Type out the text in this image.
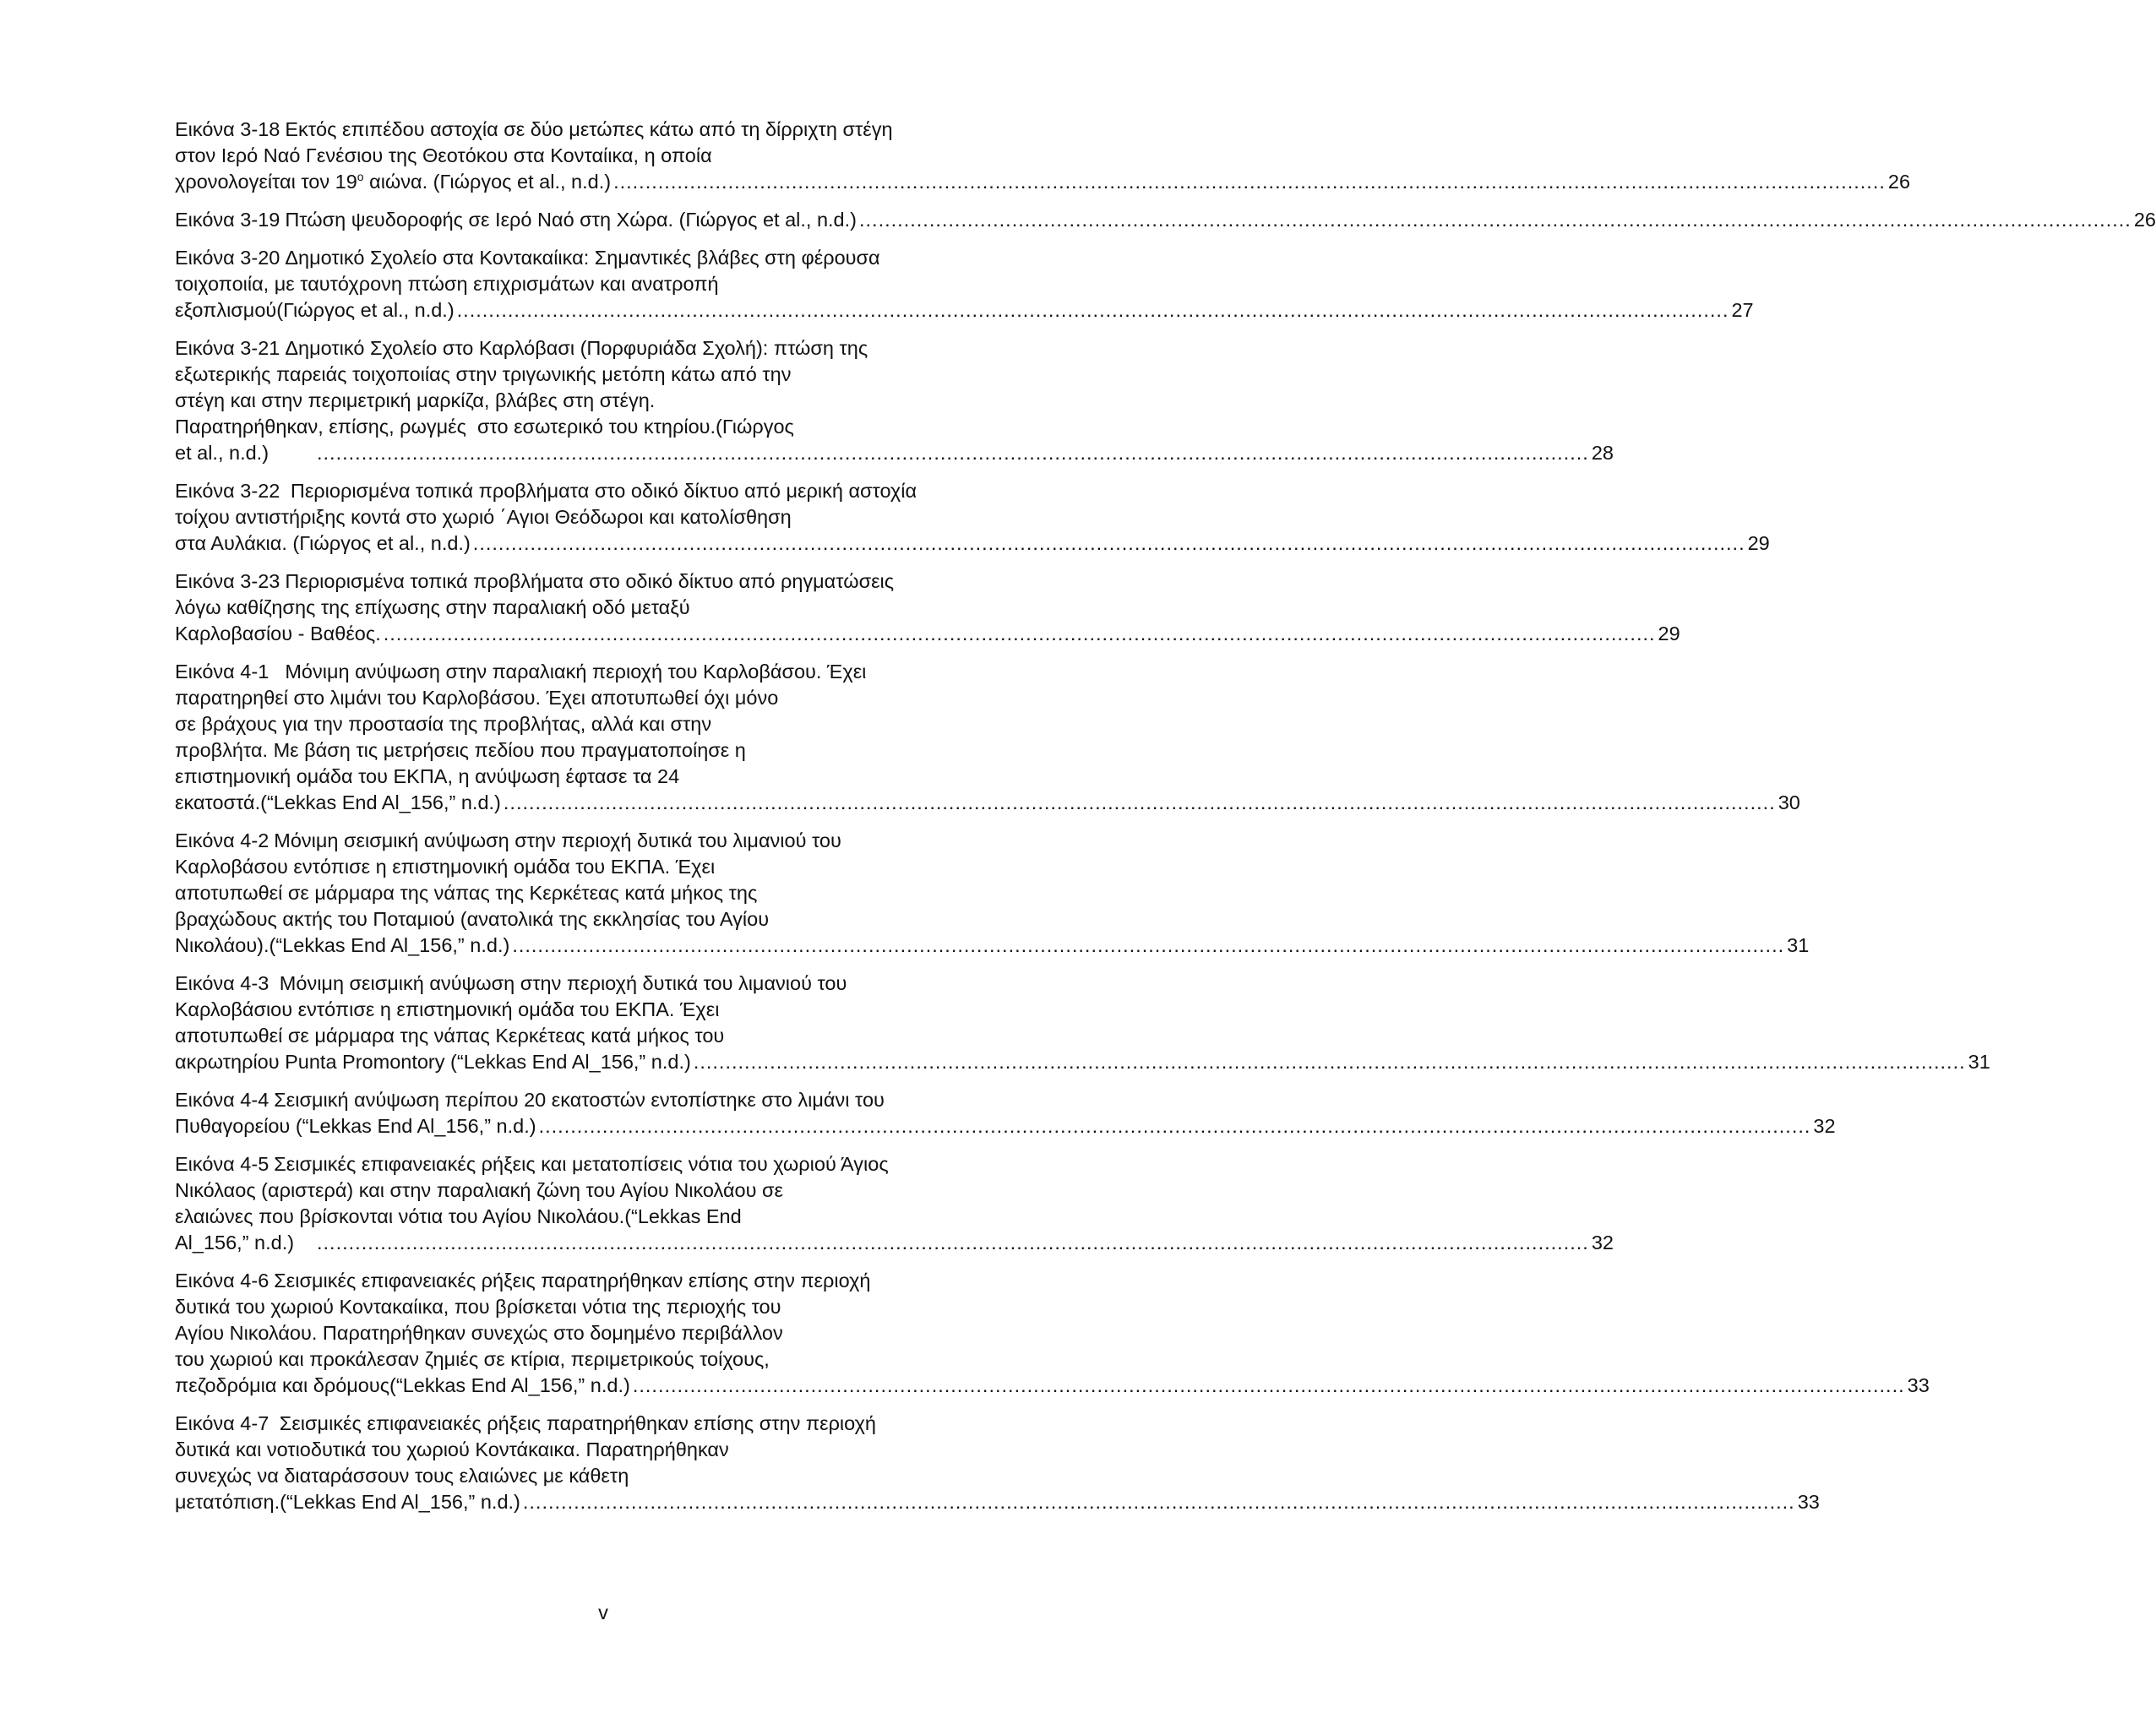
Εικόνα 3-18 Εκτός επιπέδου αστοχία σε δύο μετώπες κάτω από τη δίρριχτη στέγη
στον Ιερό Ναό Γενέσιου της Θεοτόκου στα Κονταίικα, η οποία
χρονολογείται τον $19^o$ αιώνα. (Γιώργος et al., n.d.) ........................................................................................................................................................................................................ 26
Εικόνα 3-19 Πτώση ψευδοροφής σε Ιερό Ναό στη Χώρα. (Γιώργος et al., n.d.) ........................................................................................................................................................................................................ 26
Εικόνα 3-20 Δημοτικό Σχολείο στα Κοντακαίικα: Σημαντικές βλάβες στη φέρουσα
τοιχοποιία, με ταυτόχρονη πτώση επιχρισμάτων και ανατροπή
εξοπλισμού(Γιώργος et al., n.d.) ........................................................................................................................................................................................................ 27
Εικόνα 3-21 Δημοτικό Σχολείο στο Καρλόβασι (Πορφυριάδα Σχολή): πτώση της
εξωτερικής παρειάς τοιχοποιίας στην τριγωνικής μετόπη κάτω από την
στέγη και στην περιμετρική μαρκίζα, βλάβες στη στέγη.
Παρατηρήθηκαν, επίσης, ρωγμές  στο εσωτερικό του κτηρίου.(Γιώργος
et al., n.d.)	........................................................................................................................................................................................................ 28
Εικόνα 3-22 Περιορισμένα τοπικά προβλήματα στο οδικό δίκτυο από μερική αστοχία
τοίχου αντιστήριξης κοντά στο χωριό ΄Αγιοι Θεόδωροι και κατολίσθηση
στα Αυλάκια. (Γιώργος et al., n.d.) ........................................................................................................................................................................................................ 29
Εικόνα 3-23 Περιορισμένα τοπικά προβλήματα στο οδικό δίκτυο από ρηγματώσεις
λόγω καθίζησης της επίχωσης στην παραλιακή οδό μεταξύ
Καρλοβασίου - Βαθέος. ........................................................................................................................................................................................................ 29
Εικόνα 4-1  Μόνιμη ανύψωση στην παραλιακή περιοχή του Καρλοβάσου. Έχει
παρατηρηθεί στο λιμάνι του Καρλοβάσου. Έχει αποτυπωθεί όχι μόνο
σε βράχους για την προστασία της προβλήτας, αλλά και στην
προβλήτα. Με βάση τις μετρήσεις πεδίου που πραγματοποίησε η
επιστημονική ομάδα του ΕΚΠΑ, η ανύψωση έφτασε τα 24
εκατοστά.(“Lekkas End Al_156,” n.d.) ........................................................................................................................................................................................................ 30
Εικόνα 4-2 Μόνιμη σεισμική ανύψωση στην περιοχή δυτικά του λιμανιού του
Καρλοβάσου εντόπισε η επιστημονική ομάδα του ΕΚΠΑ. Έχει
αποτυπωθεί σε μάρμαρα της νάπας της Κερκέτεας κατά μήκος της
βραχώδους ακτής του Ποταμιού (ανατολικά της εκκλησίας του Αγίου
Νικολάου).(“Lekkas End Al_156,” n.d.) ........................................................................................................................................................................................................ 31
Εικόνα 4-3 Μόνιμη σεισμική ανύψωση στην περιοχή δυτικά του λιμανιού του
Καρλοβάσιου εντόπισε η επιστημονική ομάδα του ΕΚΠΑ. Έχει
αποτυπωθεί σε μάρμαρα της νάπας Κερκέτεας κατά μήκος του
ακρωτηρίου Punta Promontory (“Lekkas End Al_156,” n.d.) ........................................................................................................................................................................................................ 31
Εικόνα 4-4 Σεισμική ανύψωση περίπου 20 εκατοστών εντοπίστηκε στο λιμάνι του
Πυθαγορείου (“Lekkas End Al_156,” n.d.) ........................................................................................................................................................................................................ 32
Εικόνα 4-5 Σεισμικές επιφανειακές ρήξεις και μετατοπίσεις νότια του χωριού Άγιος
Νικόλαος (αριστερά) και στην παραλιακή ζώνη του Αγίου Νικολάου σε
ελαιώνες που βρίσκονται νότια του Αγίου Νικολάου.(“Lekkas End
Al_156,” n.d.)	........................................................................................................................................................................................................ 32
Εικόνα 4-6 Σεισμικές επιφανειακές ρήξεις παρατηρήθηκαν επίσης στην περιοχή
δυτικά του χωριού Κοντακαίικα, που βρίσκεται νότια της περιοχής του
Αγίου Νικολάου. Παρατηρήθηκαν συνεχώς στο δομημένο περιβάλλον
του χωριού και προκάλεσαν ζημιές σε κτίρια, περιμετρικούς τοίχους,
πεζοδρόμια και δρόμους(“Lekkas End Al_156,” n.d.) ........................................................................................................................................................................................................ 33
Εικόνα 4-7 Σεισμικές επιφανειακές ρήξεις παρατηρήθηκαν επίσης στην περιοχή
δυτικά και νοτιοδυτικά του χωριού Κοντάκαικα. Παρατηρήθηκαν
συνεχώς να διαταράσσουν τους ελαιώνες με κάθετη
μετατόπιση.(“Lekkas End Al_156,” n.d.) ........................................................................................................................................................................................................ 33
v
